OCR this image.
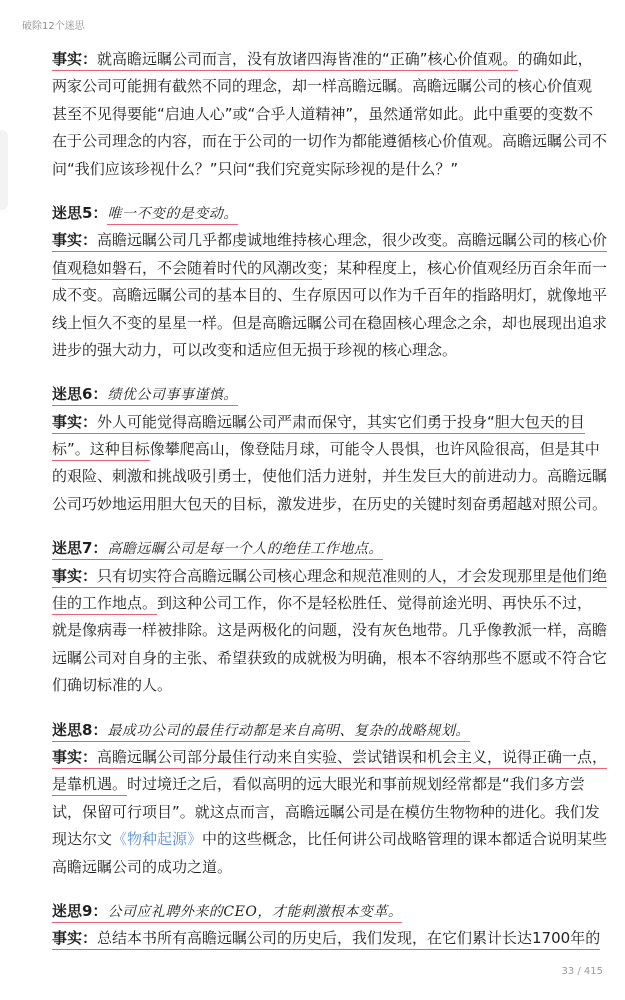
破除12个迷思
事实：就高瞻远瞩公司而言，没有放诸四海皆准的“正确”核心价值观。的确如此，
两家公司可能拥有截然不同的理念，却一样高瞻远瞩。高瞻远瞩公司的核心价值观
甚至不见得要能“启迪人心”或“合乎人道精神”，虽然通常如此。此中重要的变数不
在于公司理念的内容，而在于公司的一切作为都能遵循核心价值观。高瞻远瞩公司不
问“我们应该珍视什么？”只问“我们究竟实际珍视的是什么？”
迷思5：唯一不变的是变动。
事实：高瞻远瞩公司几乎都虔诚地维持核心理念，很少改变。高瞻远瞩公司的核心价
值观稳如磐石，不会随着时代的风潮改变；某种程度上，核心价值观经历百余年而一
成不变。高瞻远瞩公司的基本目的、生存原因可以作为千百年的指路明灯，就像地平
线上恒久不变的星星一样。但是高瞻远瞩公司在稳固核心理念之余，却也展现出追求
进步的强大动力，可以改变和适应但无损于珍视的核心理念。
迷思6：绩优公司事事谨慎。
事实：外人可能觉得高瞻远瞩公司严肃而保守，其实它们勇于投身“胆大包天的目
标”。这种目标像攀爬高山，像登陆月球，可能令人畏惧，也许风险很高，但是其中
的艰险、刺激和挑战吸引勇士，使他们活力迸射，并生发巨大的前进动力。高瞻远瞩
公司巧妙地运用胆大包天的目标，激发进步，在历史的关键时刻奋勇超越对照公司。
迷思7：高瞻远瞩公司是每一个人的绝佳工作地点。
事实：只有切实符合高瞻远瞩公司核心理念和规范准则的人，才会发现那里是他们绝
佳的工作地点。到这种公司工作，你不是轻松胜任、觉得前途光明、再快乐不过，
就是像病毒一样被排除。这是两极化的问题，没有灰色地带。几乎像教派一样，高瞻
远瞩公司对自身的主张、希望获致的成就极为明确，根本不容纳那些不愿或不符合它
们确切标准的人。
迷思8：最成功公司的最佳行动都是来自高明、复杂的战略规划。
事实：高瞻远瞩公司部分最佳行动来自实验、尝试错误和机会主义，说得正确一点，
是靠机遇。时过境迁之后，看似高明的远大眼光和事前规划经常都是“我们多方尝
试，保留可行项目”。就这点而言，高瞻远瞩公司是在模仿生物物种的进化。我们发
现达尔文《物种起源》中的这些概念，比任何讲公司战略管理的课本都适合说明某些
高瞻远瞩公司的成功之道。
迷思9：公司应礼聘外来的CEO，才能刺激根本变革。
事实：总结本书所有高瞻远瞩公司的历史后，我们发现，在它们累计长达1700年的
33 / 415
